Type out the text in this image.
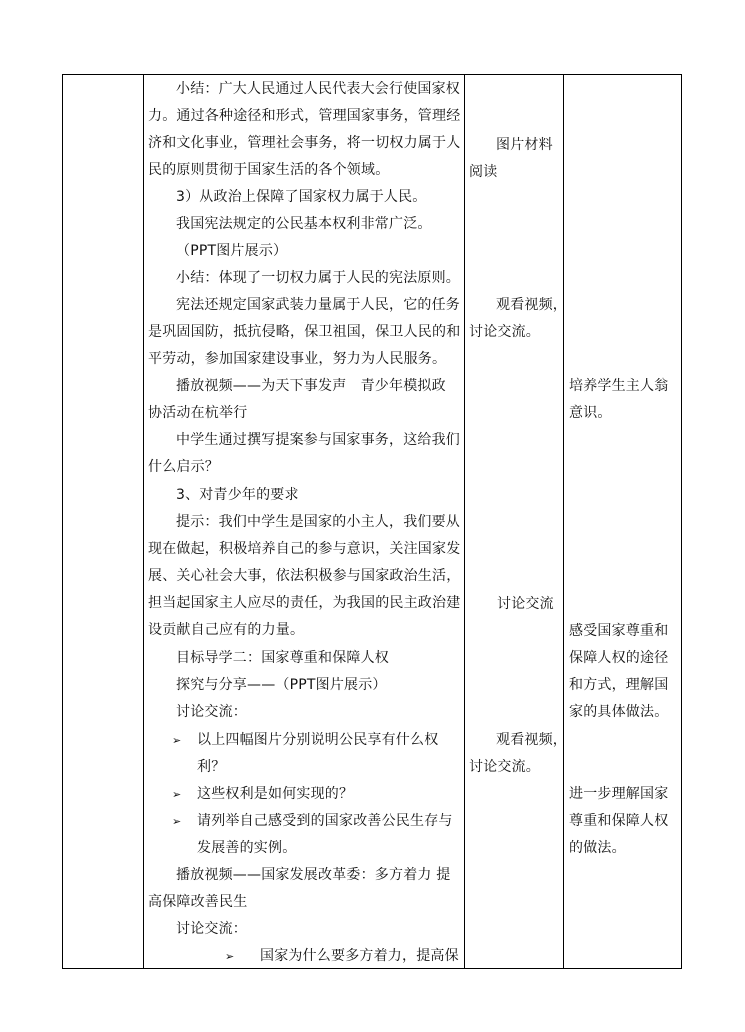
小结：广大人民通过人民代表大会行使国家权
力。通过各种途径和形式，管理国家事务，管理经
济和文化事业，管理社会事务，将一切权力属于人
民的原则贯彻于国家生活的各个领域。
3）从政治上保障了国家权力属于人民。
我国宪法规定的公民基本权利非常广泛。
（PPT图片展示）
小结：体现了一切权力属于人民的宪法原则。
宪法还规定国家武装力量属于人民，它的任务
是巩固国防，抵抗侵略，保卫祖国，保卫人民的和
平劳动，参加国家建设事业，努力为人民服务。
播放视频——为天下事发声　青少年模拟政
协活动在杭举行
中学生通过撰写提案参与国家事务，这给我们
什么启示？
3、对青少年的要求
提示：我们中学生是国家的小主人，我们要从
现在做起，积极培养自己的参与意识，关注国家发
展、关心社会大事，依法积极参与国家政治生活，
担当起国家主人应尽的责任，为我国的民主政治建
设贡献自己应有的力量。
目标导学二：国家尊重和保障人权
探究与分享——（PPT图片展示）
讨论交流：
➢ 以上四幅图片分别说明公民享有什么权
利？
➢ 这些权利是如何实现的？
➢ 请列举自己感受到的国家改善公民生存与
发展善的实例。
播放视频——国家发展改革委：多方着力 提
高保障改善民生
讨论交流：
➢ 国家为什么要多方着力，提高保
图片材料
阅读
观看视频，
讨论交流。
讨论交流
观看视频，
讨论交流。
培养学生主人翁
意识。
感受国家尊重和
保障人权的途径
和方式，理解国
家的具体做法。
进一步理解国家
尊重和保障人权
的做法。
